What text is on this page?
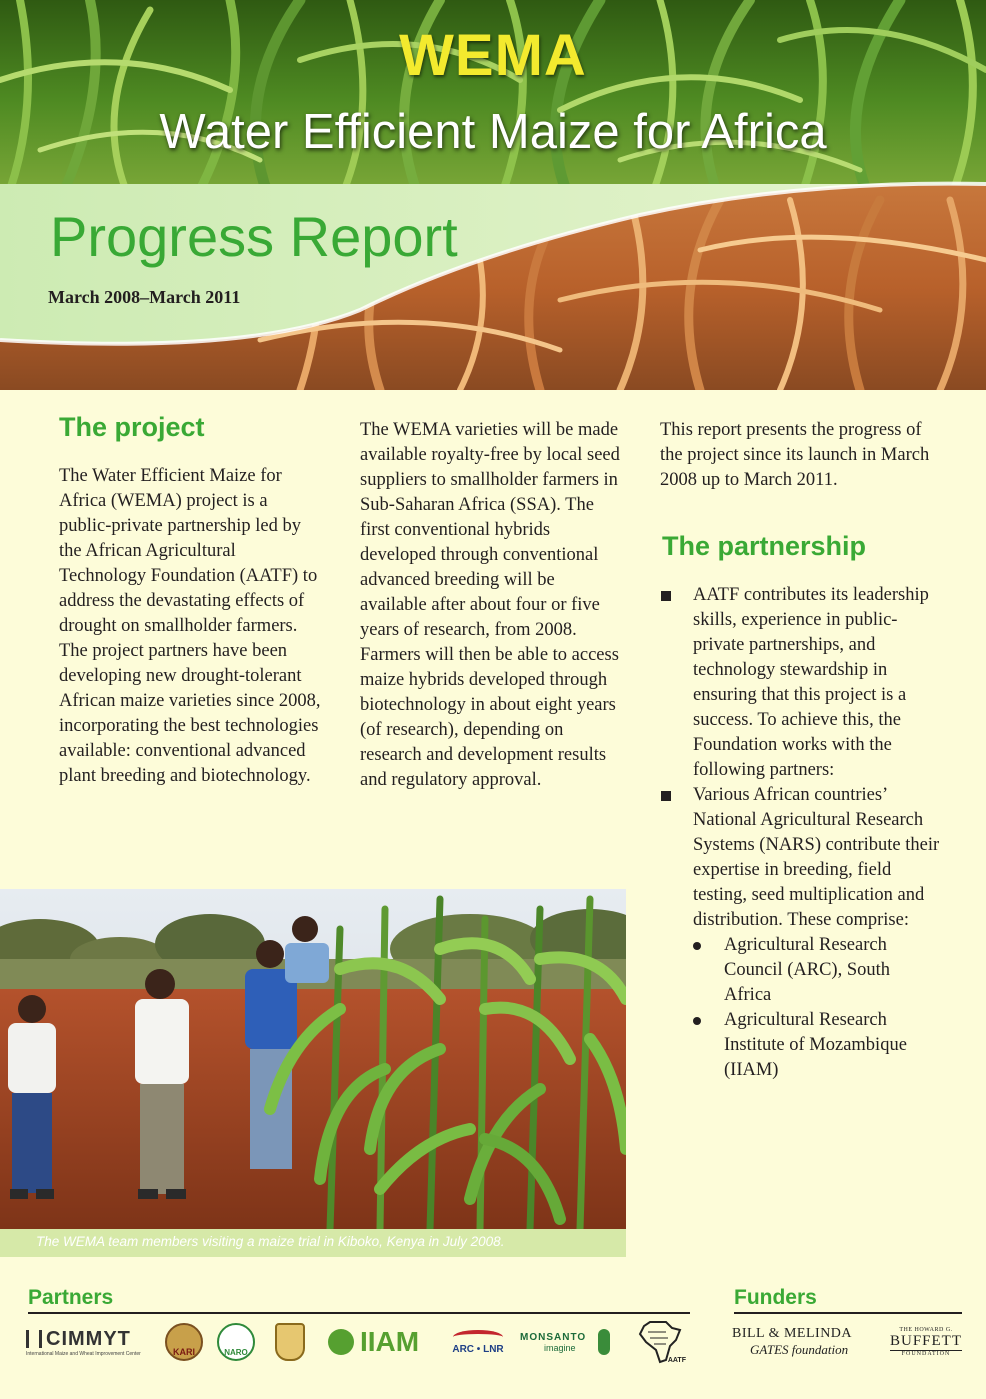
WEMA
Water Efficient Maize for Africa
Progress Report
March 2008–March 2011
The project

The Water Efficient Maize for Africa (WEMA) project is a public-private partnership led by the African Agricultural Technology Foundation (AATF) to address the devastating effects of drought on smallholder farmers. The project partners have been developing new drought-tolerant African maize varieties since 2008, incorporating the best technologies available: conventional advanced plant breeding and biotechnology.

The WEMA varieties will be made available royalty-free by local seed suppliers to smallholder farmers in Sub-Saharan Africa (SSA). The first conventional hybrids developed through conventional advanced breeding will be available after about four or five years of research, from 2008. Farmers will then be able to access maize hybrids developed through biotechnology in about eight years (of research), depending on research and development results and regulatory approval.

This report presents the progress of the project since its launch in March 2008 up to March 2011.

The partnership
AATF contributes its leadership skills, experience in public-private partnerships, and technology stewardship in ensuring that this project is a success. To achieve this, the Foundation works with the following partners:
Various African countries’ National Agricultural Research Systems (NARS) contribute their expertise in breeding, field testing, seed multiplication and distribution. These comprise:
Agricultural Research Council (ARC), South Africa
Agricultural Research Institute of Mozambique (IIAM)
The WEMA team members visiting a maize trial in Kiboko, Kenya in July 2008.
Partners	Funders
CIMMYT
International Maize and Wheat Improvement Center	KARI	NARO	IIAM	ARC • LNR
MONSANTO
imagine
AATF
BILL & MELINDA
GATES foundation
THE HOWARD G.
BUFFETT
FOUNDATION
